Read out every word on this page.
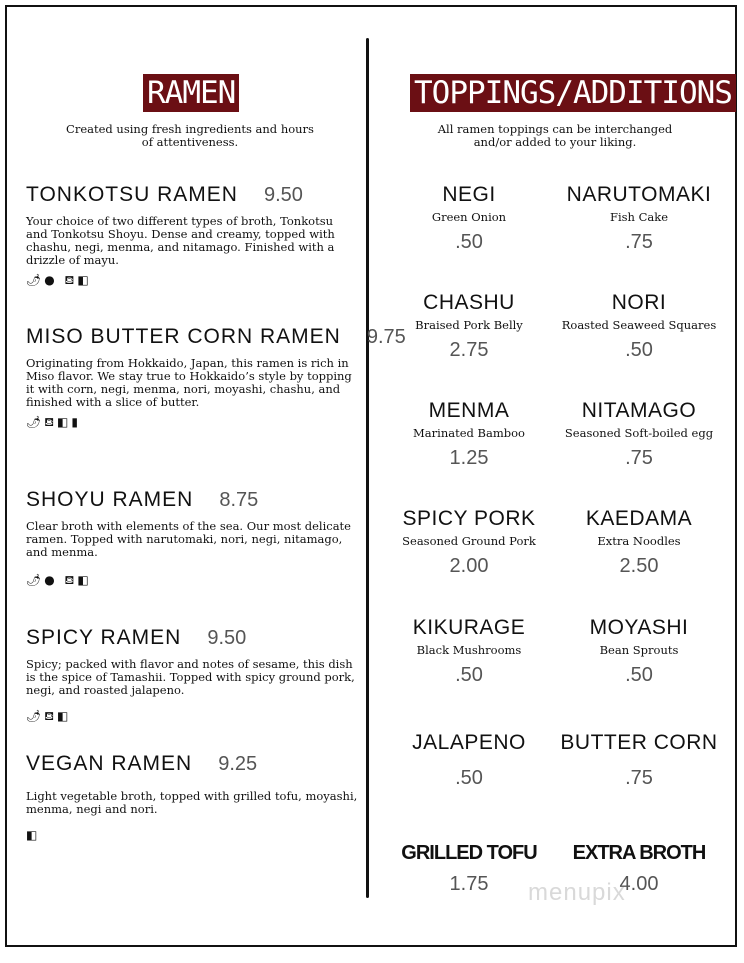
RAMEN
Created using fresh ingredients and hours
of attentiveness.
TONKOTSU RAMEN 9.50
Your choice of two different types of broth, Tonkotsu and Tonkotsu Shoyu. Dense and creamy, topped with chashu, negi, menma, and nitamago. Finished with a drizzle of mayu.
🌶● ⛾◧
MISO BUTTER CORN RAMEN 9.75
Originating from Hokkaido, Japan, this ramen is rich in Miso flavor. We stay true to Hokkaido’s style by topping it with corn, negi, menma, nori, moyashi, chashu, and finished with a slice of butter.
🌶⛾◧▮
SHOYU RAMEN 8.75
Clear broth with elements of the sea. Our most delicate ramen. Topped with narutomaki, nori, negi, nitamago, and menma.
🌶● ⛾◧
SPICY RAMEN 9.50
Spicy; packed with flavor and notes of sesame, this dish is the spice of Tamashii. Topped with spicy ground pork, negi, and roasted jalapeno.
🌶⛾◧
VEGAN RAMEN 9.25
Light vegetable broth, topped with grilled tofu, moyashi, menma, negi and nori.
◧
TOPPINGS/ADDITIONS
All ramen toppings can be interchanged
and/or added to your liking.
NEGI
Green Onion
.50
NARUTOMAKI
Fish Cake
.75
CHASHU
Braised Pork Belly
2.75
NORI
Roasted Seaweed Squares
.50
MENMA
Marinated Bamboo
1.25
NITAMAGO
Seasoned Soft-boiled egg
.75
SPICY PORK
Seasoned Ground Pork
2.00
KAEDAMA
Extra Noodles
2.50
KIKURAGE
Black Mushrooms
.50
MOYASHI
Bean Sprouts
.50
JALAPENO
.50
BUTTER CORN
.75
GRILLED TOFU
1.75
EXTRA BROTH
4.00
menupix
